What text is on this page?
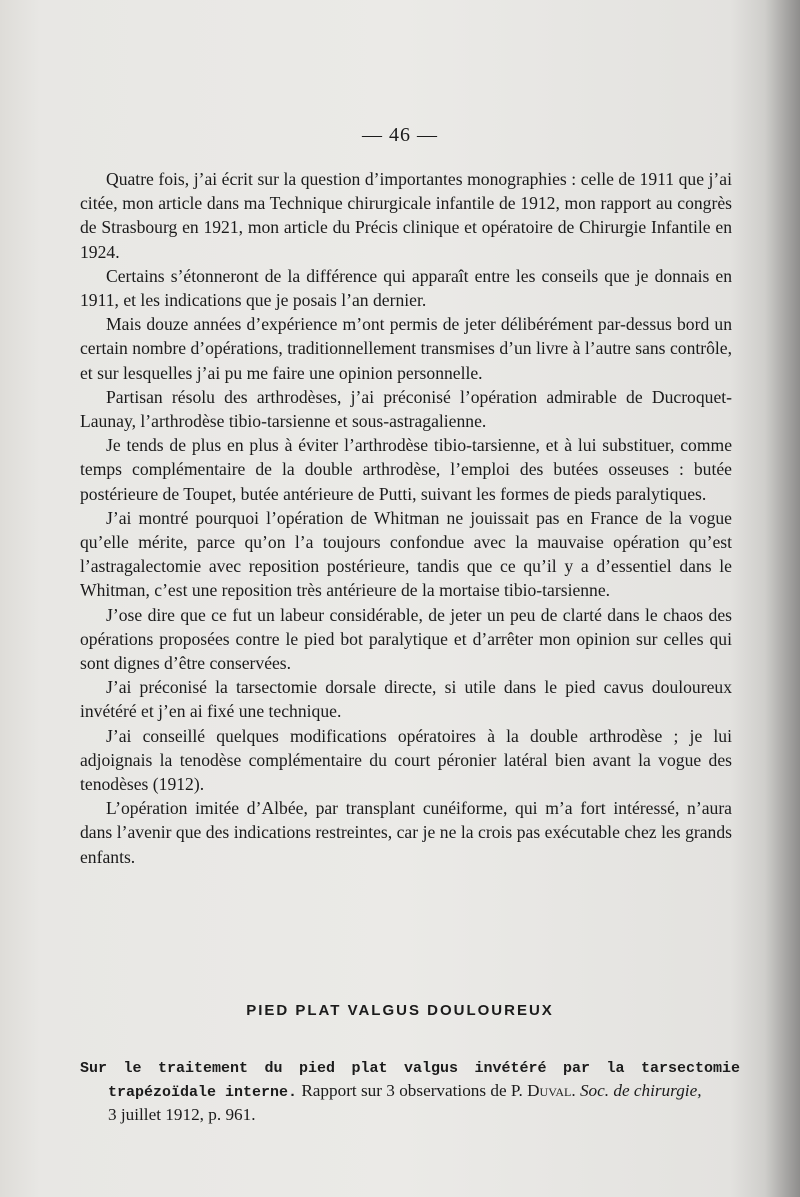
— 46 —

Quatre fois, j’ai écrit sur la question d’importantes monographies : celle de 1911 que j’ai citée, mon article dans ma Technique chirurgicale infantile de 1912, mon rapport au congrès de Strasbourg en 1921, mon article du Précis clinique et opératoire de Chirurgie Infantile en 1924.

Certains s’étonneront de la différence qui apparaît entre les conseils que je donnais en 1911, et les indications que je posais l’an dernier.

Mais douze années d’expérience m’ont permis de jeter délibérément par-dessus bord un certain nombre d’opérations, traditionnellement transmises d’un livre à l’autre sans contrôle, et sur lesquelles j’ai pu me faire une opinion personnelle.

Partisan résolu des arthrodèses, j’ai préconisé l’opération admirable de Ducroquet-Launay, l’arthrodèse tibio-tarsienne et sous-astragalienne.

Je tends de plus en plus à éviter l’arthrodèse tibio-tarsienne, et à lui substituer, comme temps complémentaire de la double arthrodèse, l’emploi des butées osseuses : butée postérieure de Toupet, butée antérieure de Putti, suivant les formes de pieds paralytiques.

J’ai montré pourquoi l’opération de Whitman ne jouissait pas en France de la vogue qu’elle mérite, parce qu’on l’a toujours confondue avec la mauvaise opération qu’est l’astragalectomie avec reposition postérieure, tandis que ce qu’il y a d’essentiel dans le Whitman, c’est une reposition très antérieure de la mortaise tibio-tarsienne.

J’ose dire que ce fut un labeur considérable, de jeter un peu de clarté dans le chaos des opérations proposées contre le pied bot paralytique et d’arrêter mon opinion sur celles qui sont dignes d’être conservées.

J’ai préconisé la tarsectomie dorsale directe, si utile dans le pied cavus douloureux invétéré et j’en ai fixé une technique.

J’ai conseillé quelques modifications opératoires à la double arthrodèse ; je lui adjoignais la tenodèse complémentaire du court péronier latéral bien avant la vogue des tenodèses (1912).

L’opération imitée d’Albée, par transplant cunéiforme, qui m’a fort intéressé, n’aura dans l’avenir que des indications restreintes, car je ne la crois pas exécutable chez les grands enfants.

PIED PLAT VALGUS DOULOUREUX

Sur le traitement du pied plat valgus invétéré par la tarsectomie trapézoïdale interne. Rapport sur 3 observations de P. Duval. Soc. de chirurgie,
3 juillet 1912, p. 961.
